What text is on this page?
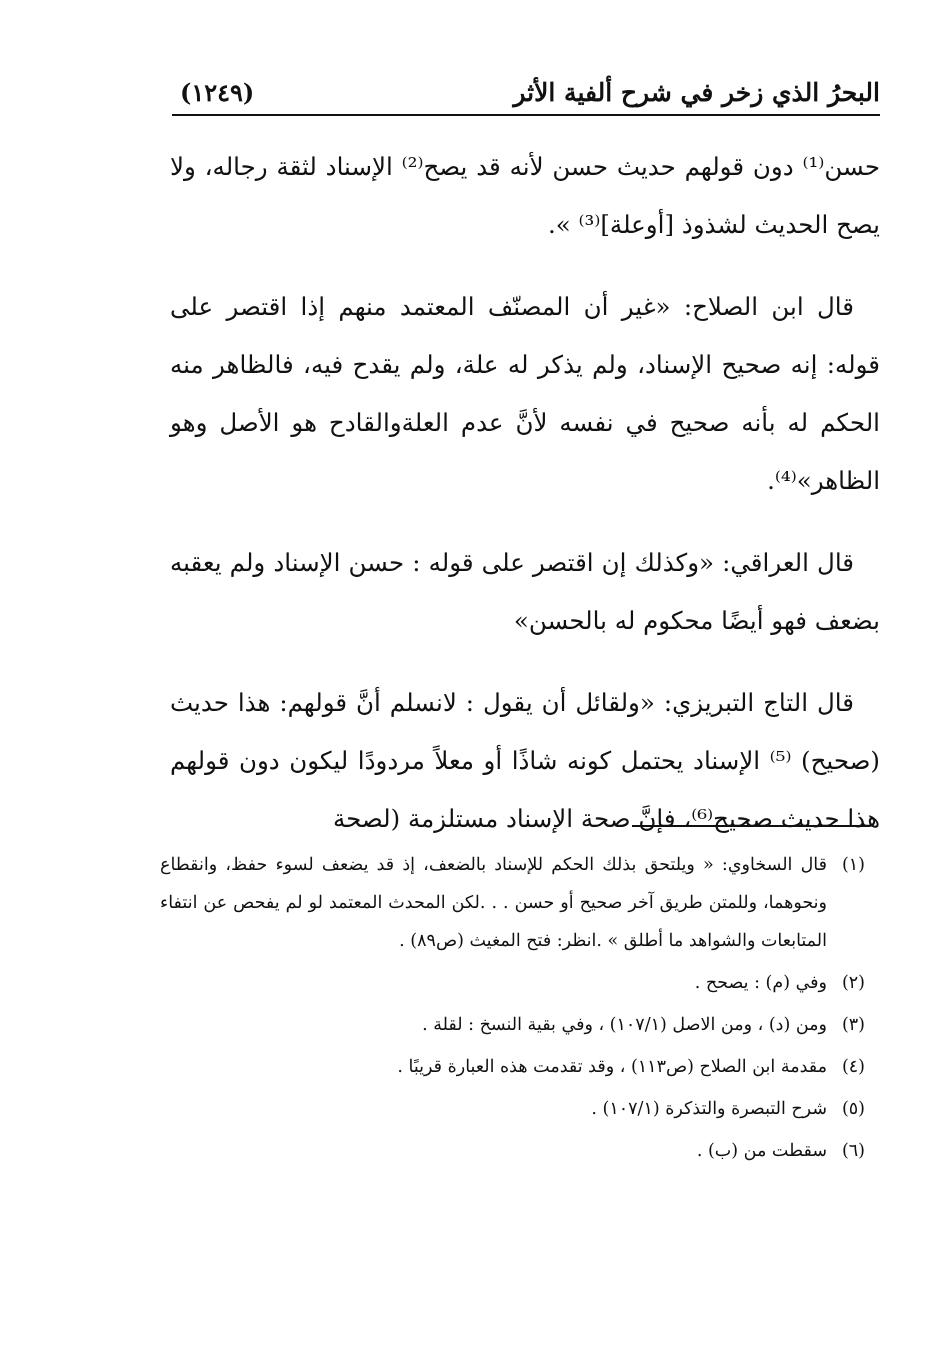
البحرُ الذي زخر في شرح ألفية الأثر
(١٢٤٩)

حسن⁽¹⁾ دون قولهم حديث حسن لأنه قد يصح⁽²⁾ الإسناد لثقة رجاله، ولا يصح الحديث لشذوذ [أوعلة]⁽³⁾ ».

قال ابن الصلاح: «غير أن المصنّف المعتمد منهم إذا اقتصر على قوله: إنه صحيح الإسناد، ولم يذكر له علة، ولم يقدح فيه، فالظاهر منه الحكم له بأنه صحيح في نفسه لأنَّ عدم العلةوالقادح هو الأصل وهو الظاهر»⁽⁴⁾.

قال العراقي: «وكذلك إن اقتصر على قوله : حسن الإسناد ولم يعقبه بضعف فهو أيضًا محكوم له بالحسن»

قال التاج التبريزي: «ولقائل أن يقول : لانسلم أنَّ قولهم: هذا حديث (صحيح) ⁽⁵⁾ الإسناد يحتمل كونه شاذًا أو معلاً مردودًا ليكون دون قولهم هذا حديث صحيح⁽⁶⁾، فإنَّ صحة الإسناد مستلزمة (لصحة

(١)
قال السخاوي: « ويلتحق بذلك الحكم للإسناد بالضعف، إذ قد يضعف لسوء حفظ، وانقطاع ونحوهما، وللمتن طريق آخر صحيح أو حسن . . .لكن المحدث المعتمد لو لم يفحص عن انتفاء المتابعات والشواهد ما أطلق » .انظر: فتح المغيث (ص٨٩) .
(٢)
وفي (م) : يصحح .
(٣)
ومن (د) ، ومن الاصل (١٠٧/١) ، وفي بقية النسخ : لقلة .
(٤)
مقدمة ابن الصلاح (ص١١٣) ، وقد تقدمت هذه العبارة قريبًا .
(٥)
شرح التبصرة والتذكرة (١٠٧/١) .
(٦)
سقطت من (ب) .
